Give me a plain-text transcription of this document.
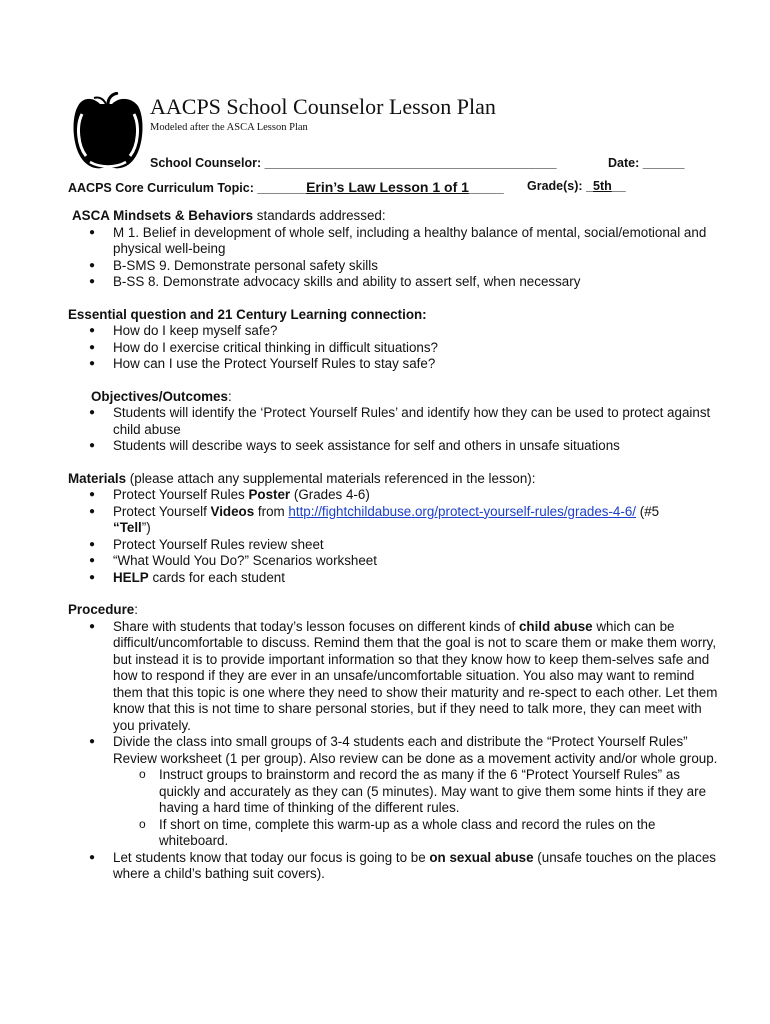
AACPS School Counselor Lesson Plan
Modeled after the ASCA Lesson Plan
School Counselor: __________________________________________	Date: ______
AACPS Core Curriculum Topic: _______Erin’s Law Lesson 1 of 1_____ Grade(s): _5th__

ASCA Mindsets & Behaviors standards addressed:

● M 1. Belief in development of whole self, including a healthy balance of mental, social/emotional and physical well-being
● B-SMS 9. Demonstrate personal safety skills
● B-SS 8. Demonstrate advocacy skills and ability to assert self, when necessary

Essential question and 21 Century Learning connection:

● How do I keep myself safe?
● How do I exercise critical thinking in difficult situations?
● How can I use the Protect Yourself Rules to stay safe?

Objectives/Outcomes:

● Students will identify the ‘Protect Yourself Rules’ and identify how they can be used to protect against child abuse
● Students will describe ways to seek assistance for self and others in unsafe situations

Materials (please attach any supplemental materials referenced in the lesson):

● Protect Yourself Rules Poster (Grades 4-6)
● Protect Yourself Videos from http://fightchildabuse.org/protect-yourself-rules/grades-4-6/ (#5
“Tell”)
● Protect Yourself Rules review sheet
● “What Would You Do?” Scenarios worksheet
● HELP cards for each student

Procedure:

● Share with students that today’s lesson focuses on different kinds of child abuse which can be difficult/uncomfortable to discuss. Remind them that the goal is not to scare them or make them worry, but instead it is to provide important information so that they know how to keep them-selves safe and how to respond if they are ever in an unsafe/uncomfortable situation. You also may want to remind them that this topic is one where they need to show their maturity and re-spect to each other. Let them know that this is not time to share personal stories, but if they need to talk more, they can meet with you privately.
● Divide the class into small groups of 3-4 students each and distribute the “Protect Yourself Rules” Review worksheet (1 per group). Also review can be done as a movement activity and/or whole group.
o Instruct groups to brainstorm and record the as many if the 6 “Protect Yourself Rules” as quickly and accurately as they can (5 minutes). May want to give them some hints if they are having a hard time of thinking of the different rules.
o If short on time, complete this warm-up as a whole class and record the rules on the whiteboard.
● Let students know that today our focus is going to be on sexual abuse (unsafe touches on the places where a child’s bathing suit covers).
